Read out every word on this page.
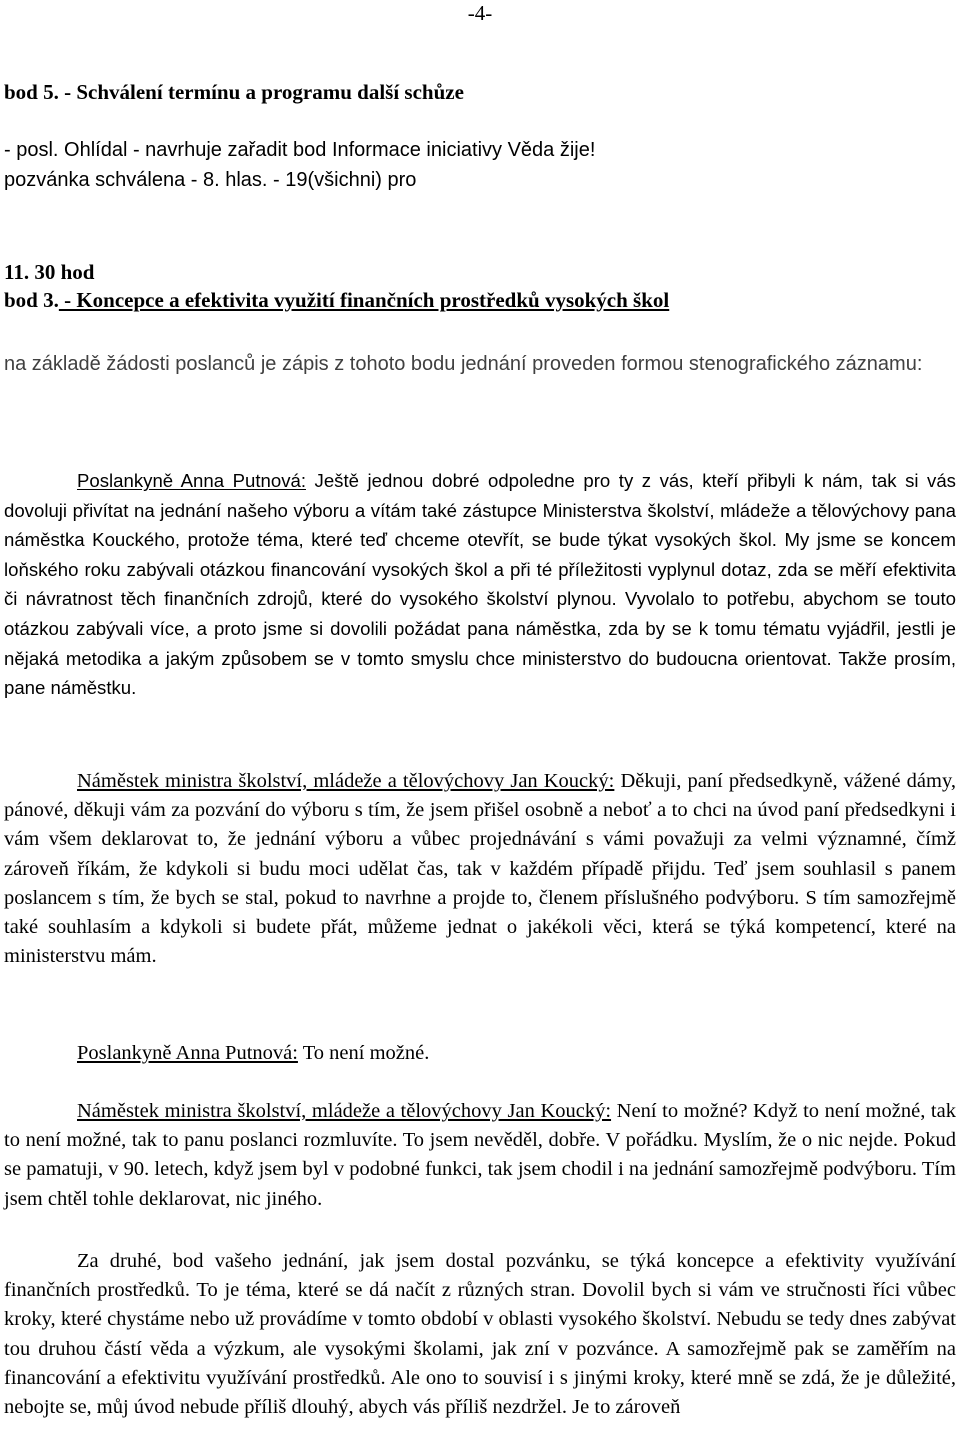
-4-
bod 5. - Schválení termínu a programu další schůze
- posl. Ohlídal - navrhuje zařadit bod Informace iniciativy Věda žije!
pozvánka schválena - 8. hlas. - 19(všichni) pro
11. 30 hod
bod 3. - Koncepce a efektivita využití finančních prostředků vysokých škol
na základě žádosti poslanců je zápis z tohoto bodu jednání proveden formou stenografického záznamu:

Poslankyně Anna Putnová: Ještě jednou dobré odpoledne pro ty z vás, kteří přibyli k nám, tak si vás dovoluji přivítat na jednání našeho výboru a vítám také zástupce Ministerstva školství, mládeže a tělovýchovy pana náměstka Kouckého, protože téma, které teď chceme otevřít, se bude týkat vysokých škol. My jsme se koncem loňského roku zabývali otázkou financování vysokých škol a při té příležitosti vyplynul dotaz, zda se měří efektivita či návratnost těch finančních zdrojů, které do vysokého školství plynou. Vyvolalo to potřebu, abychom se touto otázkou zabývali více, a proto jsme si dovolili požádat pana náměstka, zda by se k tomu tématu vyjádřil, jestli je nějaká metodika a jakým způsobem se v tomto smyslu chce ministerstvo do budoucna orientovat. Takže prosím, pane náměstku.

Náměstek ministra školství, mládeže a tělovýchovy Jan Koucký: Děkuji, paní předsedkyně, vážené dámy, pánové, děkuji vám za pozvání do výboru s tím, že jsem přišel osobně a neboť a to chci na úvod paní předsedkyni i vám všem deklarovat to, že jednání výboru a vůbec projednávání s vámi považuji za velmi významné, čímž zároveň říkám, že kdykoli si budu moci udělat čas, tak v každém případě přijdu. Teď jsem souhlasil s panem poslancem s tím, že bych se stal, pokud to navrhne a projde to, členem příslušného podvýboru. S tím samozřejmě také souhlasím a kdykoli si budete přát, můžeme jednat o jakékoli věci, která se týká kompetencí, které na ministerstvu mám.

Poslankyně Anna Putnová: To není možné.

Náměstek ministra školství, mládeže a tělovýchovy Jan Koucký: Není to možné? Když to není možné, tak to není možné, tak to panu poslanci rozmluvíte. To jsem nevěděl, dobře. V pořádku. Myslím, že o nic nejde. Pokud se pamatuji, v 90. letech, když jsem byl v podobné funkci, tak jsem chodil i na jednání samozřejmě podvýboru. Tím jsem chtěl tohle deklarovat, nic jiného.

Za druhé, bod vašeho jednání, jak jsem dostal pozvánku, se týká koncepce a efektivity využívání finančních prostředků. To je téma, které se dá načít z různých stran. Dovolil bych si vám ve stručnosti říci vůbec kroky, které chystáme nebo už provádíme v tomto období v oblasti vysokého školství. Nebudu se tedy dnes zabývat tou druhou částí věda a výzkum, ale vysokými školami, jak zní v pozvánce. A samozřejmě pak se zaměřím na financování a efektivitu využívání prostředků. Ale ono to souvisí i s jinými kroky, které mně se zdá, že je důležité, nebojte se, můj úvod nebude příliš dlouhý, abych vás příliš nezdržel. Je to zároveň
